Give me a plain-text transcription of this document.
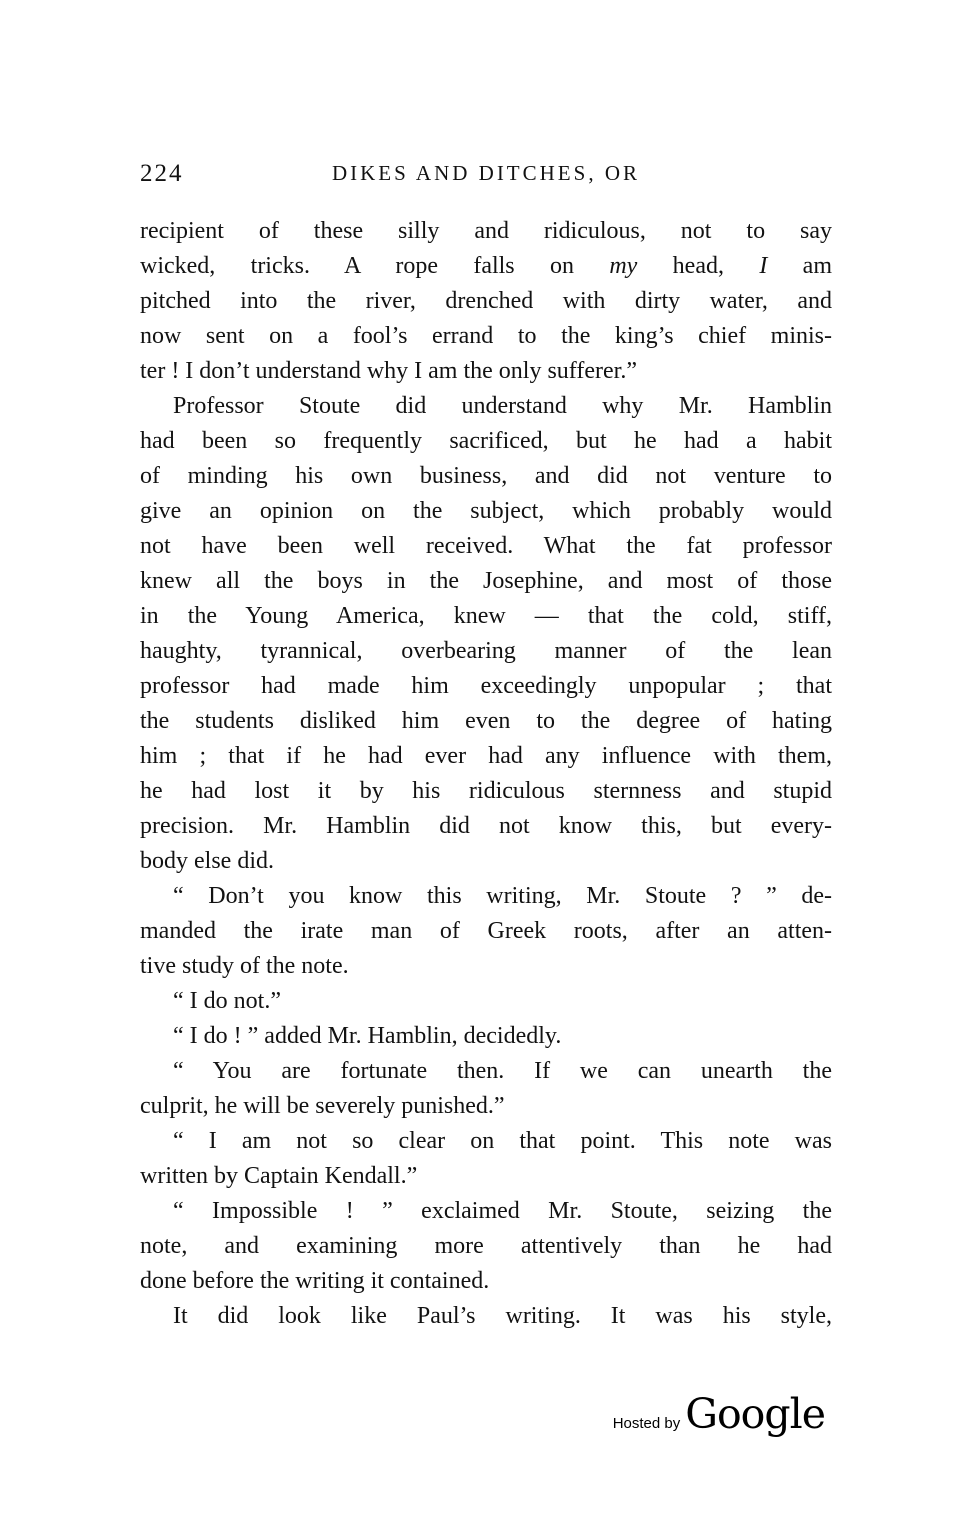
224	DIKES AND DITCHES, OR
recipient of these silly and ridiculous, not to say
wicked, tricks. A rope falls on my head, I am
pitched into the river, drenched with dirty water, and
now sent on a fool’s errand to the king’s chief minis-
ter ! I don’t understand why I am the only sufferer.”
Professor Stoute did understand why Mr. Hamblin
had been so frequently sacrificed, but he had a habit
of minding his own business, and did not venture to
give an opinion on the subject, which probably would
not have been well received. What the fat professor
knew all the boys in the Josephine, and most of those
in the Young America, knew — that the cold, stiff,
haughty, tyrannical, overbearing manner of the lean
professor had made him exceedingly unpopular ; that
the students disliked him even to the degree of hating
him ; that if he had ever had any influence with them,
he had lost it by his ridiculous sternness and stupid
precision. Mr. Hamblin did not know this, but every-
body else did.
“ Don’t you know this writing, Mr. Stoute ? ” de-
manded the irate man of Greek roots, after an atten-
tive study of the note.
“ I do not.”
“ I do ! ” added Mr. Hamblin, decidedly.
“ You are fortunate then. If we can unearth the
culprit, he will be severely punished.”
“ I am not so clear on that point. This note was
written by Captain Kendall.”
“ Impossible ! ” exclaimed Mr. Stoute, seizing the
note, and examining more attentively than he had
done before the writing it contained.
It did look like Paul’s writing. It was his style,
Hosted by Google
